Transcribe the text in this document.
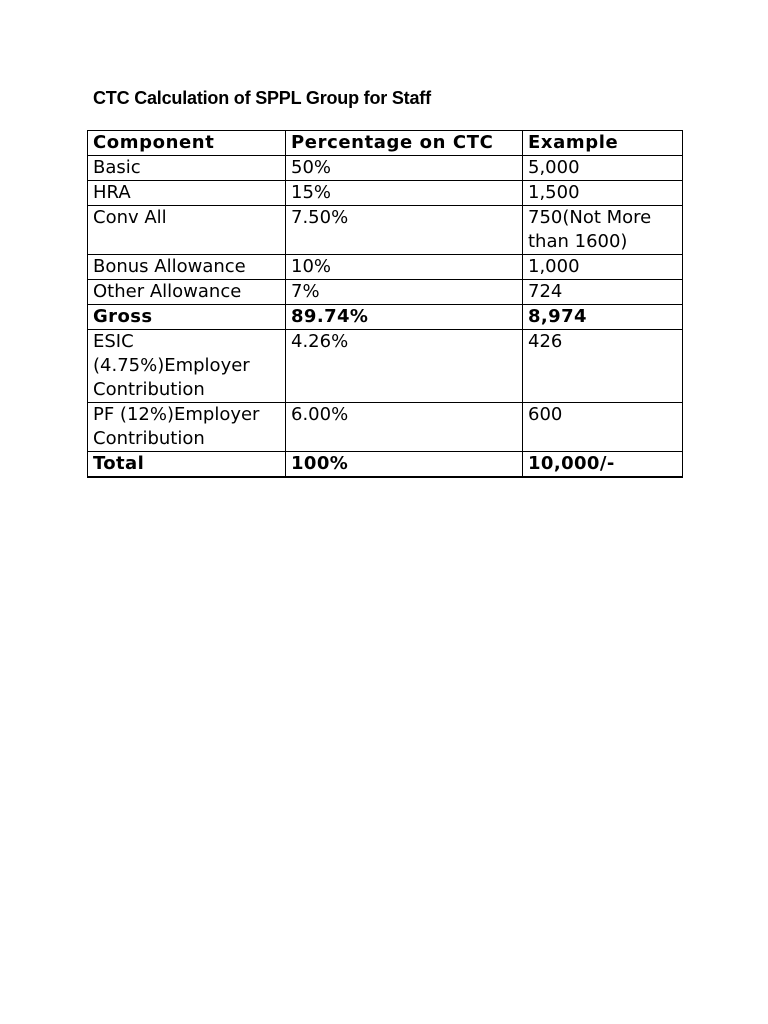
CTC Calculation of SPPL Group for Staff
Component	Percentage on CTC	Example
Basic	50%	5,000
HRA	15%	1,500
Conv All	7.50%	750(Not More than 1600)
Bonus Allowance	10%	1,000
Other Allowance	7%	724
Gross	89.74%	8,974
ESIC (4.75%)Employer Contribution	4.26%	426
PF (12%)Employer Contribution	6.00%	600
Total	100%	10,000/-
